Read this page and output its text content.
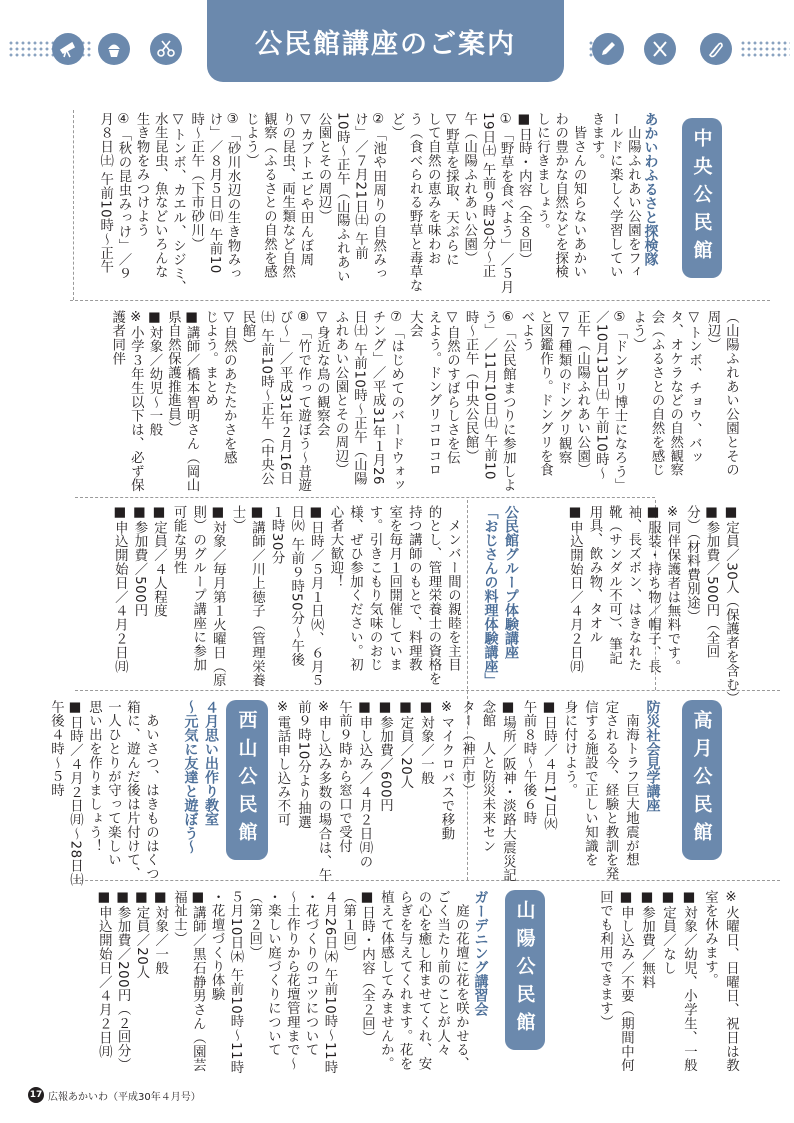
公民館講座のご案内
中央公民館
あかいわふるさと探検隊
　山陽ふれあい公園をフィ
ールドに楽しく学習してい
きます。
　皆さんの知らないあかい
わの豊かな自然などを探検
しに行きましょう。
■日時・内容（全８回）
①「野草を食べよう」／５月
19日㈯ 午前９時30分～正
午（山陽ふれあい公園）
▽野草を採取、天ぷらに
して自然の恵みを味わお
う（食べられる野草と毒草な
ど）
②「池や田周りの自然みっ
け」／７月21日㈯ 午前
10時～正午（山陽ふれあい
公園とその周辺）
▽カブトエビや田んぼ周
りの昆虫、両生類など自然
観察（ふるさとの自然を感
じよう）
③「砂川水辺の生き物みっ
け」／８月５日㈰ 午前10
時～正午（下市砂川）
▽トンボ、カエル、シジミ、
水生昆虫、魚などいろんな
生き物をみつけよう
④「秋の昆虫みっけ」／９
月８日㈯ 午前10時～正午
（山陽ふれあい公園とその
周辺）
▽トンボ、チョウ、バッ
タ、オケラなどの自然観察
会（ふるさとの自然を感じ
よう）
⑤「ドングリ博士になろう」
／10月13日㈯ 午前10時～
正午（山陽ふれあい公園）
▽７種類のドングリ観察
と図鑑作り。ドングリを食
べよう
⑥「公民館まつりに参加しよ
う」／11月10日㈯ 午前10
時～正午（中央公民館）
▽自然のすばらしさを伝
えよう。ドングリコロコロ
大会
⑦「はじめてのバードウォッ
チング」／平成31年１月26
日㈯ 午前10時～正午（山陽
ふれあい公園とその周辺）
▽身近な鳥の観察会
⑧「竹で作って遊ぼう～昔遊
び～」／平成31年２月16日
㈯ 午前10時～正午（中央公
民館）
▽自然のあたたかさを感
じよう。まとめ
■講師／橋本智明さん（岡山
県自然保護推進員）
■対象／幼児～一般
※小学３年生以下は、必ず保
護者同伴
■定員／30人（保護者を含む）
■参加費／500円（全回
分）（材料費別途）
※同伴保護者は無料です。
■服装・持ち物／帽子、長
袖、長ズボン、はきなれた
靴（サンダル不可）、筆記
用具、飲み物、タオル
■申込開始日／４月２日㈪
公民館グループ体験講座
「おじさんの料理体験講座」
　メンバー間の親睦を主目
的とし、管理栄養士の資格を
持つ講師のもとで、料理教
室を毎月１回開催していま
す。引きこもり気味のおじ
様、ぜひ参加ください。初
心者大歓迎！
■日時／５月１日㈫、６月５
日㈫ 午前９時50分～午後
１時30分
■講師／川上徳子（管理栄養
士）
■対象／毎月第１火曜日（原
則）のグループ講座に参加
可能な男性
■定員／４人程度
■参加費／500円
■申込開始日／４月２日㈪
高月公民館
防災社会見学講座
　南海トラフ巨大地震が想
定される今、経験と教訓を発
信する施設で正しい知識を
身に付けよう。
■日時／４月17日㈫
午前８時～午後６時
■場所／阪神・淡路大震災記
念館　人と防災未来セン
ター（神戸市）
※マイクロバスで移動
■対象／一般
■定員／20人
■参加費／600円
■申し込み／４月２日㈪の
午前９時から窓口で受付
※申し込み多数の場合は、午
前９時10分より抽選
※電話申し込み不可
西山公民館
４月思い出作り教室
～元気に友達と遊ぼう～
　あいさつ、はきものはくつ
箱に、遊んだ後は片付けて、
一人ひとりが守って楽しい
思い出を作りましょう！
■日時／４月２日㈪～28日㈯
午後４時～５時
※火曜日、日曜日、祝日は教
室を休みます。
■対象／幼児、小学生、一般
■定員／なし
■参加費／無料
■申し込み／不要（期間中何
回でも利用できます）
山陽公民館
ガーデニング講習会
　庭の花壇に花を咲かせる、
ごく当たり前のことが人々
の心を癒し和ませてくれ、安
らぎを与えてくれます。花を
植えて体感してみませんか。
■日時・内容（全２回）
（第１回）
４月26日㈭ 午前10時～11時
・花づくりのコツについて
～土作りから花壇管理まで～
・楽しい庭づくりについて
（第２回）
５月10日㈭ 午前10時～11時
・花壇づくり体験
■講師／黒石静男さん（園芸
福祉士）
■対象／一般
■定員／20人
■参加費／200円（２回分）
■申込開始日／４月２日㈪
17 広報あかいわ（平成30年４月号）
